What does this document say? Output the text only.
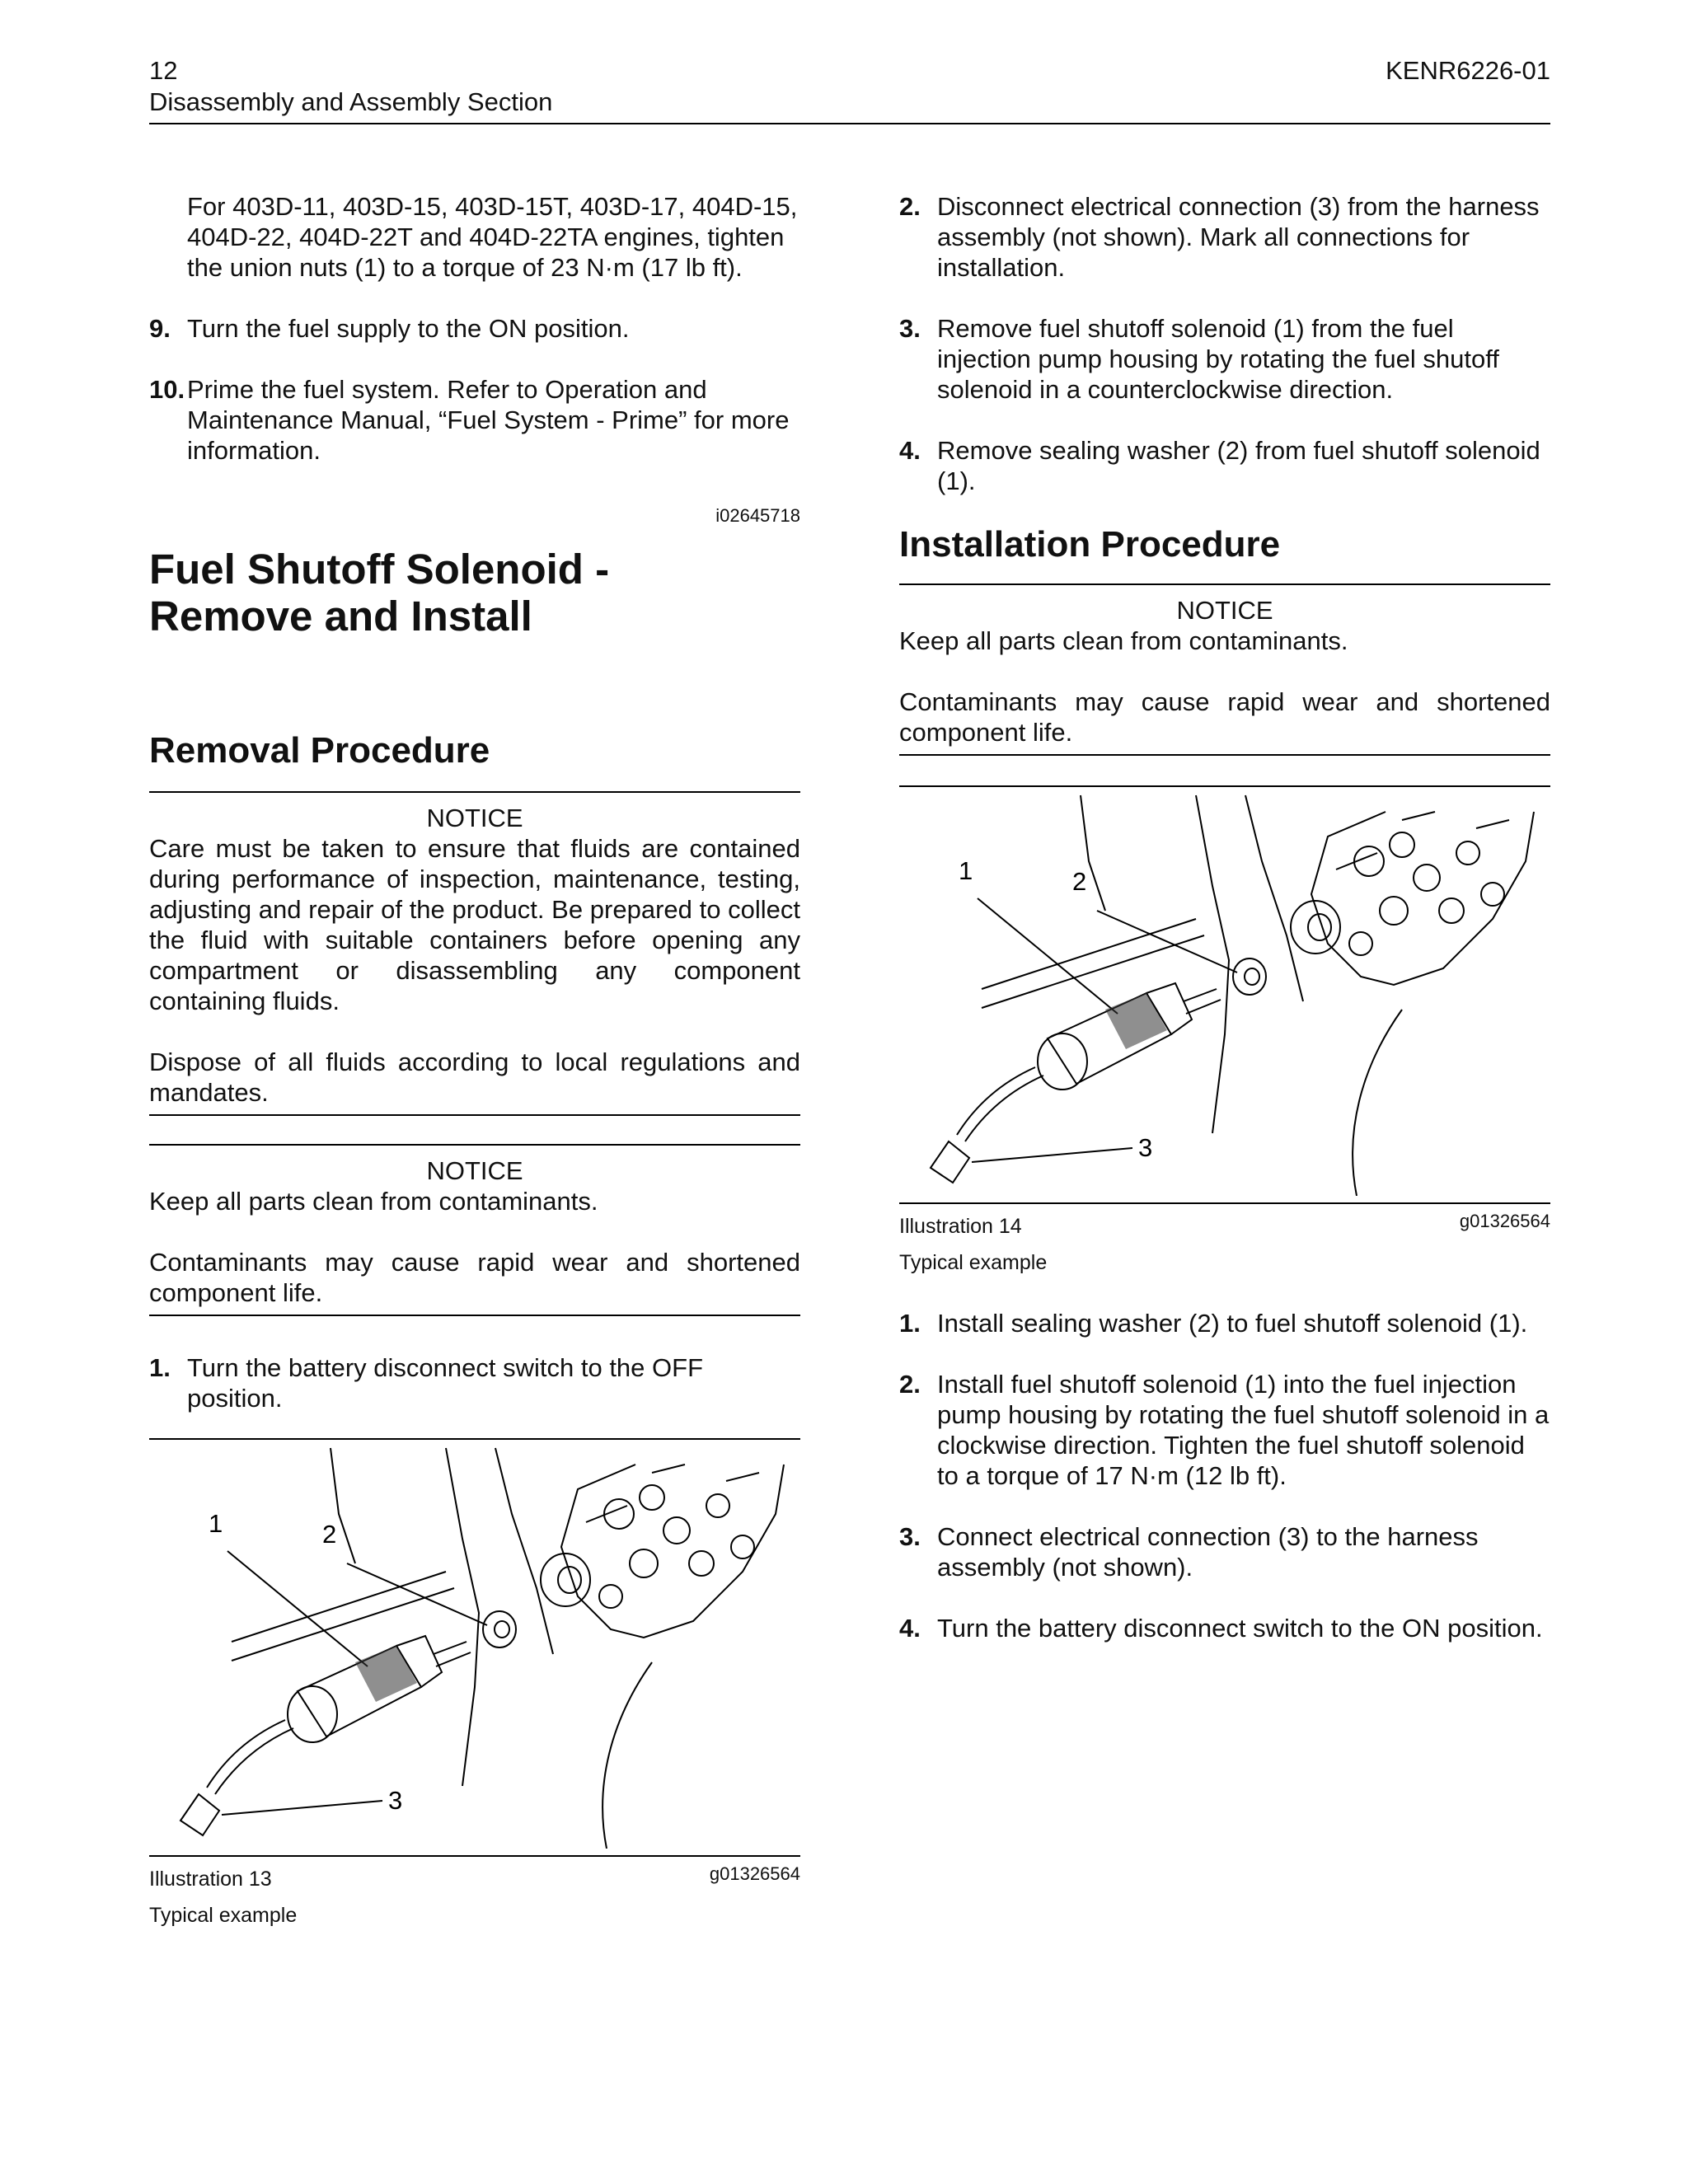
12
Disassembly and Assembly Section
KENR6226-01

For 403D-11, 403D-15, 403D-15T, 403D-17, 404D-15, 404D-22, 404D-22T and 404D-22TA engines, tighten the union nuts (1) to a torque of 23 N·m (17 lb ft).

9. Turn the fuel supply to the ON position.
10. Prime the fuel system. Refer to Operation and Maintenance Manual, “Fuel System - Prime” for more information.
i02645718
Fuel Shutoff Solenoid - Remove and Install
Removal Procedure
NOTICE

Care must be taken to ensure that fluids are contained during performance of inspection, maintenance, testing, adjusting and repair of the product. Be prepared to collect the fluid with suitable containers before opening any compartment or disassembling any component containing fluids.

Dispose of all fluids according to local regulations and mandates.

NOTICE

Keep all parts clean from contaminants.

Contaminants may cause rapid wear and shortened component life.

1. Turn the battery disconnect switch to the OFF position.
1	2
3
Illustration 13	g01326564
Typical example
2. Disconnect electrical connection (3) from the harness assembly (not shown). Mark all connections for installation.
3. Remove fuel shutoff solenoid (1) from the fuel injection pump housing by rotating the fuel shutoff solenoid in a counterclockwise direction.
4. Remove sealing washer (2) from fuel shutoff solenoid (1).
Installation Procedure
NOTICE

Keep all parts clean from contaminants.

Contaminants may cause rapid wear and shortened component life.

1	2
3
Illustration 14	g01326564
Typical example
1. Install sealing washer (2) to fuel shutoff solenoid (1).
2. Install fuel shutoff solenoid (1) into the fuel injection pump housing by rotating the fuel shutoff solenoid in a clockwise direction. Tighten the fuel shutoff solenoid to a torque of 17 N·m (12 lb ft).
3. Connect electrical connection (3) to the harness assembly (not shown).
4. Turn the battery disconnect switch to the ON position.
